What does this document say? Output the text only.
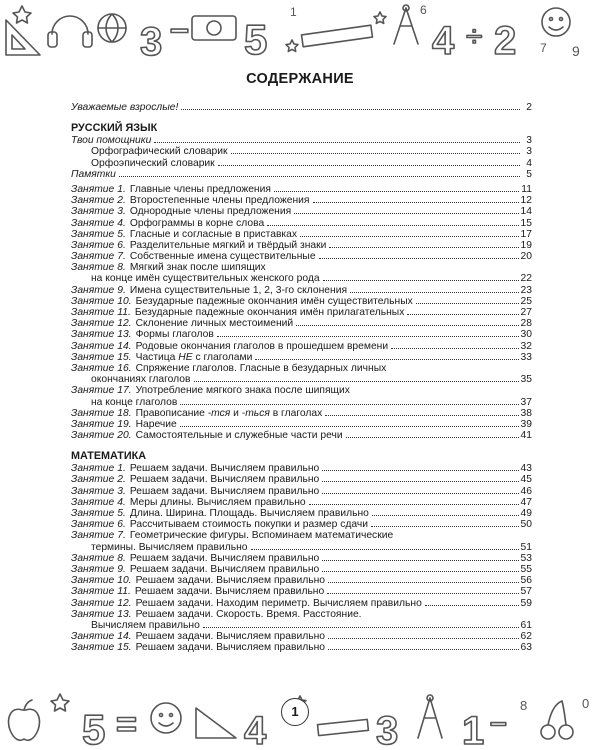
3 – 5	4 ÷ 2	9
7
6
1
СОДЕРЖАНИЕ
Уважаемые взрослые!	2
РУССКИЙ ЯЗЫК
Твои помощники	3
Орфографический словарик	3
Орфоэпический словарик	4
Памятки	5
Занятие 1. Главные члены предложения	11
Занятие 2. Второстепенные члены предложения	12
Занятие 3. Однородные члены предложения	14
Занятие 4. Орфограммы в корне слова	15
Занятие 5. Гласные и согласные в приставках	17
Занятие 6. Разделительные мягкий и твёрдый знаки	19
Занятие 7. Собственные имена существительные	20
Занятие 8. Мягкий знак после шипящих
на конце имён существительных женского рода	22
Занятие 9. Имена существительные 1, 2, 3-го склонения	23
Занятие 10. Безударные падежные окончания имён существительных	25
Занятие 11. Безударные падежные окончания имён прилагательных	27
Занятие 12. Склонение личных местоимений	28
Занятие 13. Формы глаголов	30
Занятие 14. Родовые окончания глаголов в прошедшем времени	32
Занятие 15. Частица НЕ с глаголами	33
Занятие 16. Спряжение глаголов. Гласные в безударных личных
окончаниях глаголов	35
Занятие 17. Употребление мягкого знака после шипящих
на конце глаголов	37
Занятие 18. Правописание -тся и -ться в глаголах	38
Занятие 19. Наречие	39
Занятие 20. Самостоятельные и служебные части речи	41
МАТЕМАТИКА
Занятие 1. Решаем задачи. Вычисляем правильно	43
Занятие 2. Решаем задачи. Вычисляем правильно	45
Занятие 3. Решаем задачи. Вычисляем правильно	46
Занятие 4. Меры длины. Вычисляем правильно	47
Занятие 5. Длина. Ширина. Площадь. Вычисляем правильно	49
Занятие 6. Рассчитываем стоимость покупки и размер сдачи	50
Занятие 7. Геометрические фигуры. Вспоминаем математические
термины. Вычисляем правильно	51
Занятие 8. Решаем задачи. Вычисляем правильно	53
Занятие 9. Решаем задачи. Вычисляем правильно	55
Занятие 10. Решаем задачи. Вычисляем правильно	56
Занятие 11. Решаем задачи. Вычисляем правильно	57
Занятие 12. Решаем задачи. Находим периметр. Вычисляем правильно	59
Занятие 13. Решаем задачи. Скорость. Время. Расстояние.
Вычисляем правильно	61
Занятие 14. Решаем задачи. Вычисляем правильно	62
Занятие 15. Решаем задачи. Вычисляем правильно	63
5 =	4	3 1 –
8	0
1
